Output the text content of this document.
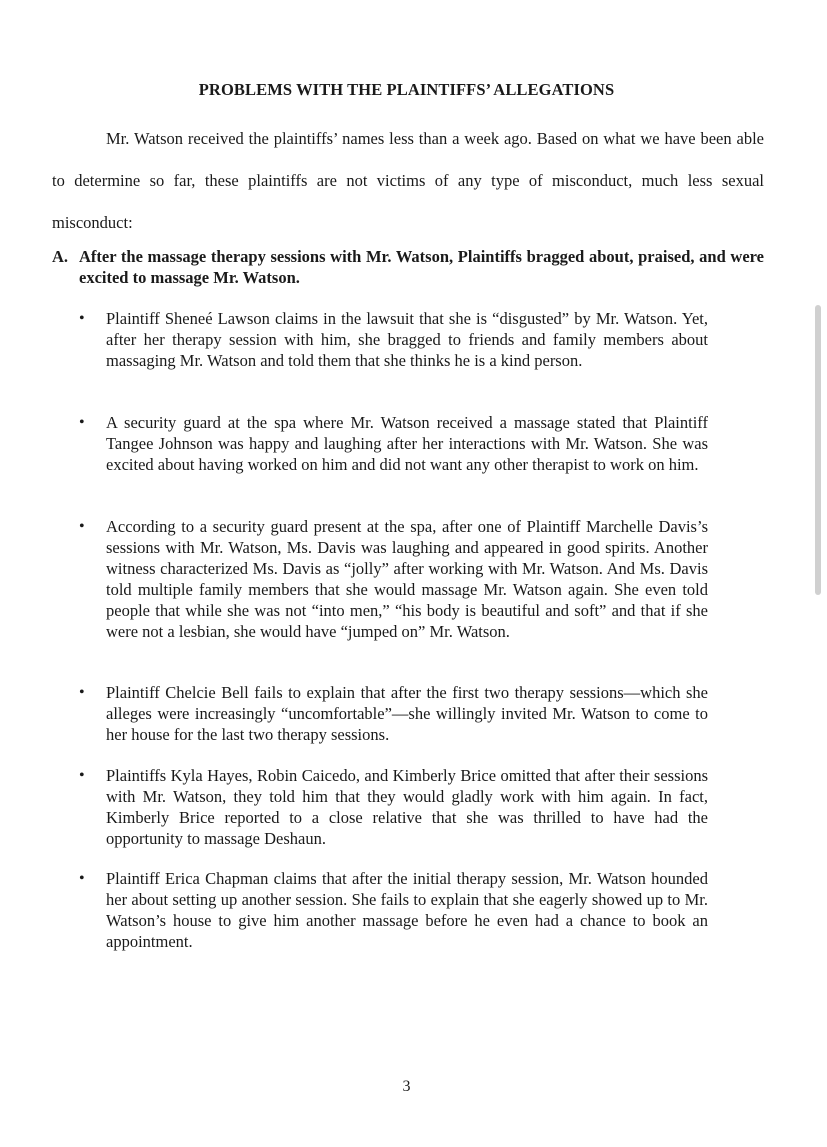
PROBLEMS WITH THE PLAINTIFFS’ ALLEGATIONS
Mr. Watson received the plaintiffs’ names less than a week ago. Based on what we have been able to determine so far, these plaintiffs are not victims of any type of misconduct, much less sexual misconduct:
A. After the massage therapy sessions with Mr. Watson, Plaintiffs bragged about, praised, and were excited to massage Mr. Watson.
• Plaintiff Sheneé Lawson claims in the lawsuit that she is “disgusted” by Mr. Watson. Yet, after her therapy session with him, she bragged to friends and family members about massaging Mr. Watson and told them that she thinks he is a kind person.
• A security guard at the spa where Mr. Watson received a massage stated that Plaintiff Tangee Johnson was happy and laughing after her interactions with Mr. Watson. She was excited about having worked on him and did not want any other therapist to work on him.
• According to a security guard present at the spa, after one of Plaintiff Marchelle Davis’s sessions with Mr. Watson, Ms. Davis was laughing and appeared in good spirits. Another witness characterized Ms. Davis as “jolly” after working with Mr. Watson. And Ms. Davis told multiple family members that she would massage Mr. Watson again. She even told people that while she was not “into men,” “his body is beautiful and soft” and that if she were not a lesbian, she would have “jumped on” Mr. Watson.
• Plaintiff Chelcie Bell fails to explain that after the first two therapy sessions—which she alleges were increasingly “uncomfortable”—she willingly invited Mr. Watson to come to her house for the last two therapy sessions.
• Plaintiffs Kyla Hayes, Robin Caicedo, and Kimberly Brice omitted that after their sessions with Mr. Watson, they told him that they would gladly work with him again. In fact, Kimberly Brice reported to a close relative that she was thrilled to have had the opportunity to massage Deshaun.
• Plaintiff Erica Chapman claims that after the initial therapy session, Mr. Watson hounded her about setting up another session. She fails to explain that she eagerly showed up to Mr. Watson’s house to give him another massage before he even had a chance to book an appointment.
3
